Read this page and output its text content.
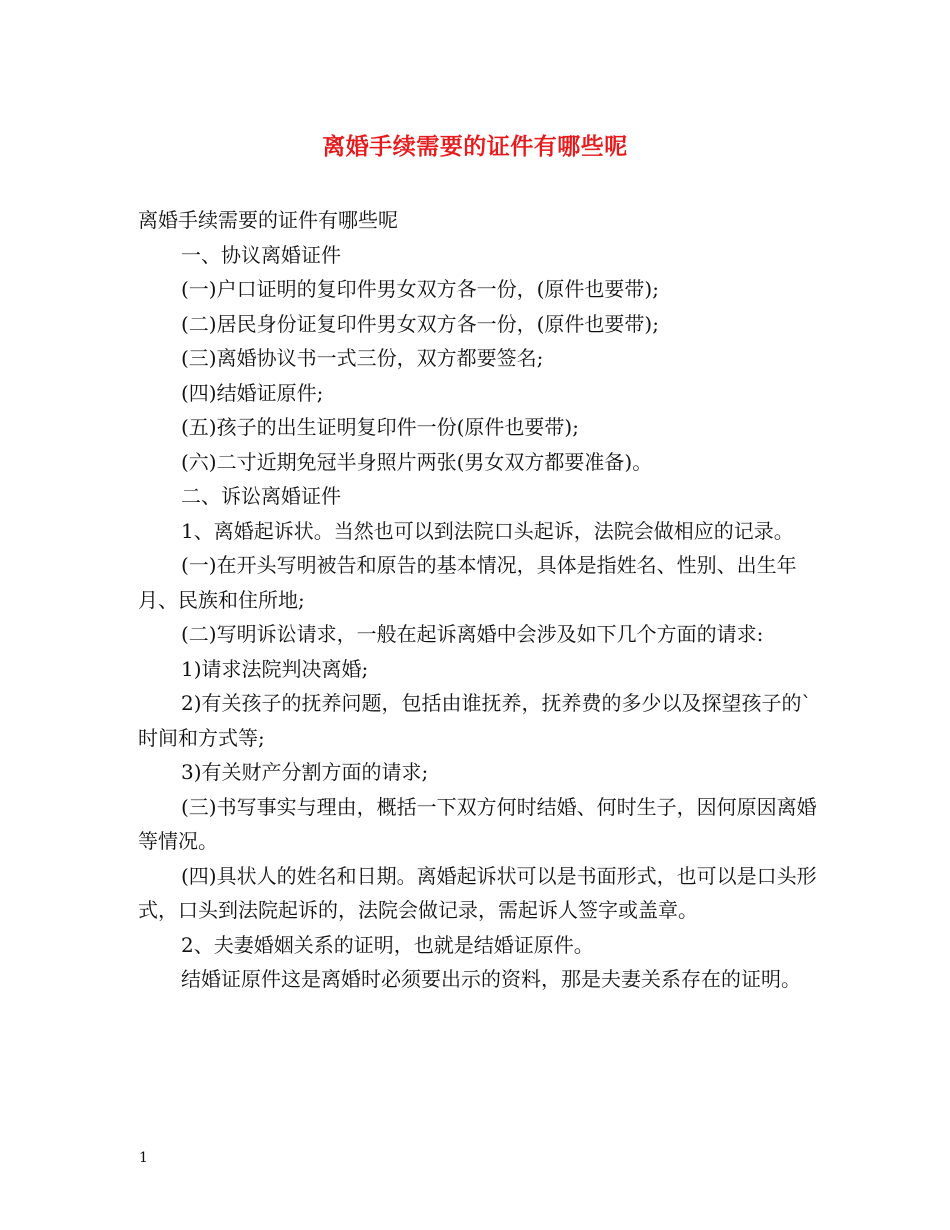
离婚手续需要的证件有哪些呢

离婚手续需要的证件有哪些呢

一、协议离婚证件

(一)户口证明的复印件男女双方各一份，(原件也要带);

(二)居民身份证复印件男女双方各一份，(原件也要带);

(三)离婚协议书一式三份，双方都要签名;

(四)结婚证原件;

(五)孩子的出生证明复印件一份(原件也要带);

(六)二寸近期免冠半身照片两张(男女双方都要准备)。

二、诉讼离婚证件

1、离婚起诉状。当然也可以到法院口头起诉，法院会做相应的记录。

(一)在开头写明被告和原告的基本情况，具体是指姓名、性别、出生年月、民族和住所地;

(二)写明诉讼请求，一般在起诉离婚中会涉及如下几个方面的请求:

1)请求法院判决离婚;

2)有关孩子的抚养问题，包括由谁抚养，抚养费的多少以及探望孩子的`时间和方式等;

3)有关财产分割方面的请求;

(三)书写事实与理由，概括一下双方何时结婚、何时生子，因何原因离婚等情况。

(四)具状人的姓名和日期。离婚起诉状可以是书面形式，也可以是口头形式，口头到法院起诉的，法院会做记录，需起诉人签字或盖章。

2、夫妻婚姻关系的证明，也就是结婚证原件。

结婚证原件这是离婚时必须要出示的资料，那是夫妻关系存在的证明。

1
